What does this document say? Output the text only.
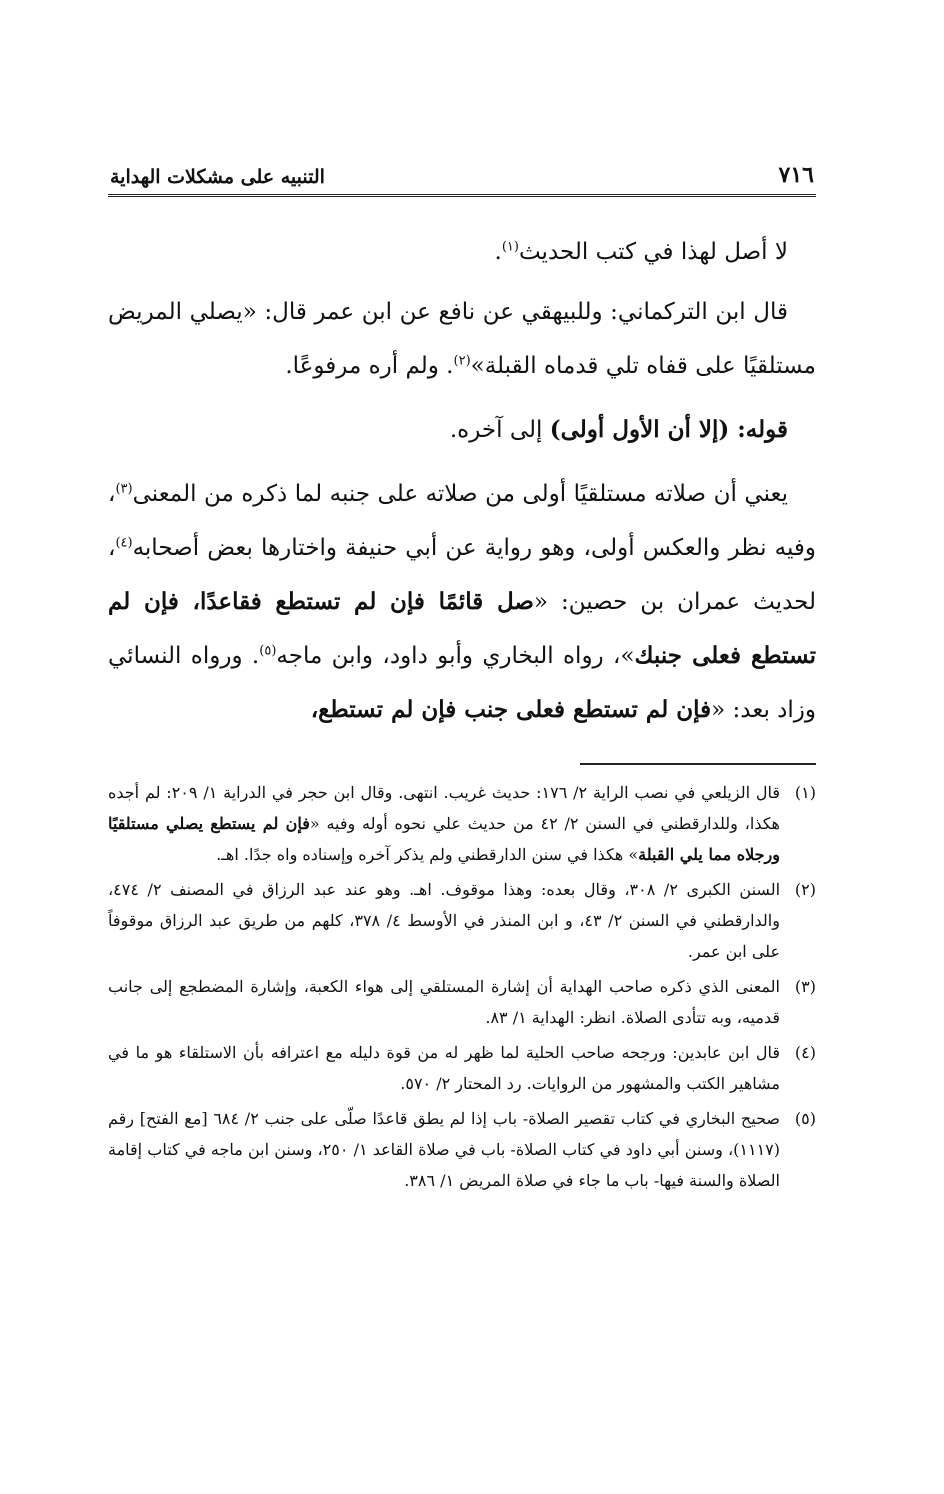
٧١٦
التنبيه على مشكلات الهداية

لا أصل لهذا في كتب الحديث$^{(١)}$.

قال ابن التركماني: وللبيهقي عن نافع عن ابن عمر قال: «يصلي المريض مستلقيًا على قفاه تلي قدماه القبلة»$^{(٢)}$. ولم أره مرفوعًا.

قوله: (إلا أن الأول أولى) إلى آخره.

يعني أن صلاته مستلقيًا أولى من صلاته على جنبه لما ذكره من المعنى$^{(٣)}$، وفيه نظر والعكس أولى، وهو رواية عن أبي حنيفة واختارها بعض أصحابه$^{(٤)}$، لحديث عمران بن حصين: «صل قائمًا فإن لم تستطع فقاعدًا، فإن لم تستطع فعلى جنبك»، رواه البخاري وأبو داود، وابن ماجه$^{(٥)}$. ورواه النسائي وزاد بعد: «فإن لم تستطع فعلى جنب فإن لم تستطع،

(١)
قال الزيلعي في نصب الراية ٢/ ١٧٦: حديث غريب. انتهى. وقال ابن حجر في الدراية ١/ ٢٠٩: لم أجده هكذا، وللدارقطني في السنن ٢/ ٤٢ من حديث علي نحوه أوله وفيه «فإن لم يستطع يصلي مستلقيًا ورجلاه مما يلي القبلة» هكذا في سنن الدارقطني ولم يذكر آخره وإسناده واه جدًا. اهـ.
(٢)
السنن الكبرى ٢/ ٣٠٨، وقال بعده: وهذا موقوف. اهـ. وهو عند عبد الرزاق في المصنف ٢/ ٤٧٤، والدارقطني في السنن ٢/ ٤٣، و ابن المنذر في الأوسط ٤/ ٣٧٨، كلهم من طريق عبد الرزاق موقوفاً على ابن عمر.
(٣)
المعنى الذي ذكره صاحب الهداية أن إشارة المستلقي إلى هواء الكعبة، وإشارة المضطجع إلى جانب قدميه، وبه تتأدى الصلاة. انظر: الهداية ١/ ٨٣.
(٤)
قال ابن عابدين: ورجحه صاحب الحلية لما ظهر له من قوة دليله مع اعترافه بأن الاستلقاء هو ما في مشاهير الكتب والمشهور من الروايات. رد المحتار ٢/ ٥٧٠.
(٥)
صحيح البخاري في كتاب تقصير الصلاة- باب إذا لم يطق قاعدًا صلّى على جنب ٢/ ٦٨٤ [مع الفتح] رقم (١١١٧)، وسنن أبي داود في كتاب الصلاة- باب في صلاة القاعد ١/ ٢٥٠، وسنن ابن ماجه في كتاب إقامة الصلاة والسنة فيها- باب ما جاء في صلاة المريض ١/ ٣٨٦.
